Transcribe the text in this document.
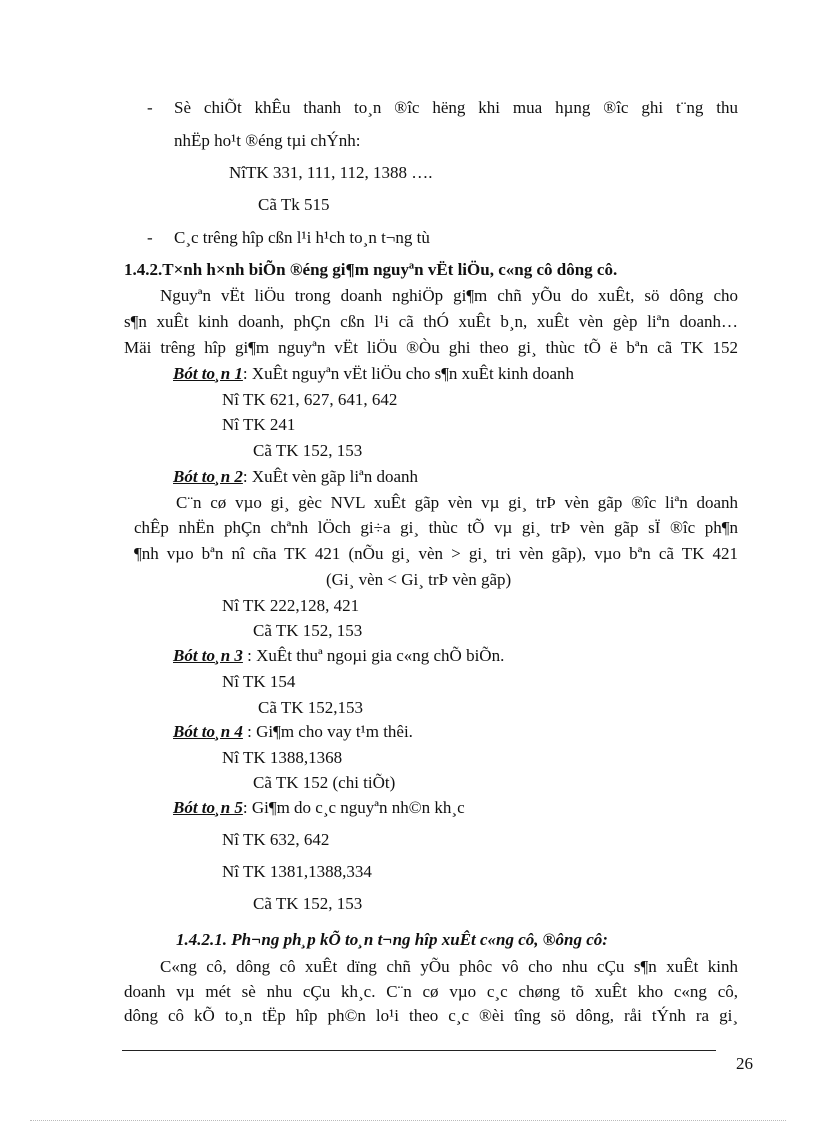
- Sè chiÕt khÊu thanh to¸n ®îc hëng khi mua hµng ®îc ghi t¨ng thu
nhËp ho¹t ®éng tµi chÝnh:
NîTK 331, 111, 112, 1388 ….
Cã Tk 515
- C¸c trêng hîp cßn l¹i h¹ch to¸n t¬ng tù
1.4.2.T×nh h×nh biÕn ®éng gi¶m nguyªn vËt liÖu, c«ng cô dông cô.
Nguyªn vËt liÖu trong doanh nghiÖp gi¶m chñ yÕu do xuÊt, sö dông cho
s¶n xuÊt kinh doanh, phÇn cßn l¹i cã thÓ xuÊt b¸n, xuÊt vèn gèp liªn doanh…
Mäi trêng hîp gi¶m nguyªn vËt liÖu ®Òu ghi theo gi¸ thùc tÕ ë bªn cã TK 152
Bót to¸n 1: XuÊt nguyªn vËt liÖu cho s¶n xuÊt kinh doanh
Nî TK 621, 627, 641, 642
Nî TK 241
Cã TK 152, 153
Bót to¸n 2: XuÊt vèn gãp liªn doanh
C¨n cø vµo gi¸ gèc NVL xuÊt gãp vèn vµ gi¸ trÞ vèn gãp ®îc liªn doanh
chÊp nhËn phÇn chªnh lÖch gi÷a gi¸ thùc tÕ vµ gi¸ trÞ vèn gãp sÏ ®îc ph¶n
¶nh vµo bªn nî cña TK 421 (nÕu gi¸ vèn > gi¸ tri vèn gãp), vµo bªn cã TK 421
(Gi¸ vèn < Gi¸ trÞ vèn gãp)
Nî TK 222,128, 421
Cã TK 152, 153
Bót to¸n 3 : XuÊt thuª ngoµi gia c«ng chÕ biÕn.
Nî TK 154
Cã TK 152,153
Bót to¸n 4 : Gi¶m cho vay t¹m thêi.
Nî TK 1388,1368
Cã TK 152 (chi tiÕt)
Bót to¸n 5: Gi¶m do c¸c nguyªn nh©n kh¸c
Nî TK 632, 642
Nî TK 1381,1388,334
Cã TK 152, 153
1.4.2.1. Ph¬ng ph¸p kÕ to¸n t¬ng hîp xuÊt c«ng cô, ®ông cô:
C«ng cô, dông cô xuÊt dïng chñ yÕu phôc vô cho nhu cÇu s¶n xuÊt kinh
doanh vµ mét sè nhu cÇu kh¸c. C¨n cø vµo c¸c chøng tõ xuÊt kho c«ng cô,
dông cô kÕ to¸n tËp hîp ph©n lo¹i theo c¸c ®èi tîng sö dông, råi tÝnh ra gi¸
26
